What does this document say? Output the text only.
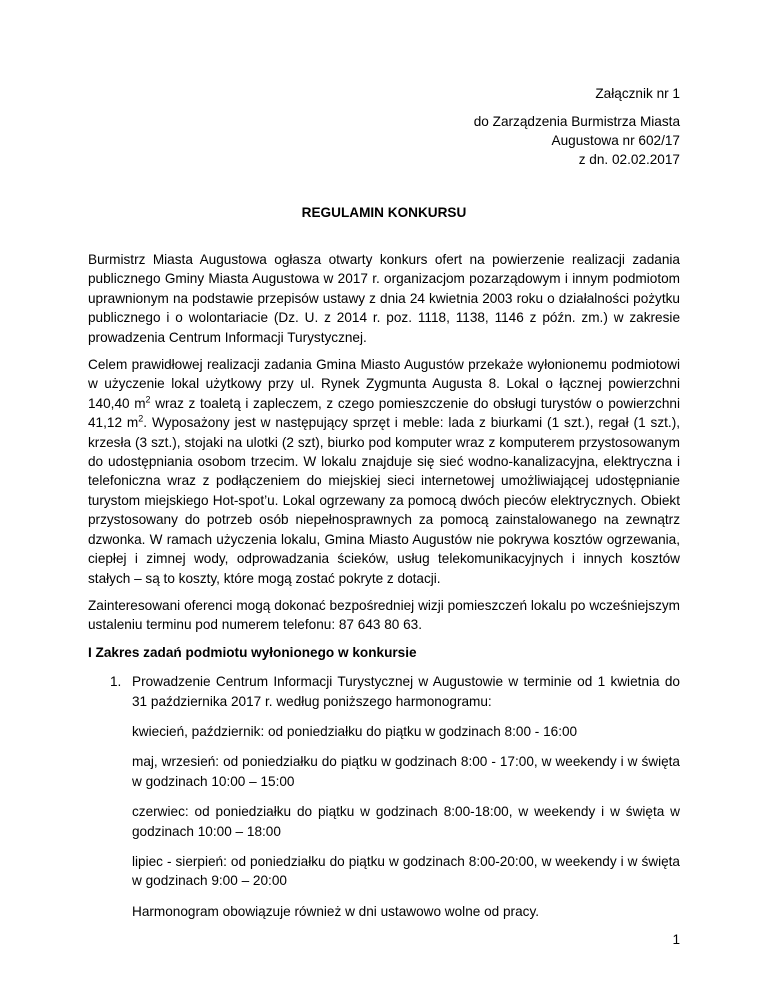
Załącznik nr 1
do Zarządzenia Burmistrza Miasta
Augustowa nr 602/17
z dn. 02.02.2017
REGULAMIN KONKURSU

Burmistrz Miasta Augustowa ogłasza otwarty konkurs ofert na powierzenie realizacji zadania publicznego Gminy Miasta Augustowa w 2017 r. organizacjom pozarządowym i innym podmiotom uprawnionym na podstawie przepisów ustawy z dnia 24 kwietnia 2003 roku o działalności pożytku publicznego i o wolontariacie (Dz. U. z 2014 r. poz. 1118, 1138, 1146 z późn. zm.) w zakresie prowadzenia Centrum Informacji Turystycznej.

Celem prawidłowej realizacji zadania Gmina Miasto Augustów przekaże wyłonionemu podmiotowi w użyczenie lokal użytkowy przy ul. Rynek Zygmunta Augusta 8. Lokal o łącznej powierzchni 140,40 $m^2$ wraz z toaletą i zapleczem, z czego pomieszczenie do obsługi turystów o powierzchni 41,12 $m^2$. Wyposażony jest w następujący sprzęt i meble: lada z biurkami (1 szt.), regał (1 szt.), krzesła (3 szt.), stojaki na ulotki (2 szt), biurko pod komputer wraz z komputerem przystosowanym do udostępniania osobom trzecim. W lokalu znajduje się sieć wodno-kanalizacyjna, elektryczna i telefoniczna wraz z podłączeniem do miejskiej sieci internetowej umożliwiającej udostępnianie turystom miejskiego Hot-spot’u. Lokal ogrzewany za pomocą dwóch pieców elektrycznych. Obiekt przystosowany do potrzeb osób niepełnosprawnych za pomocą zainstalowanego na zewnątrz dzwonka. W ramach użyczenia lokalu, Gmina Miasto Augustów nie pokrywa kosztów ogrzewania, ciepłej i zimnej wody, odprowadzania ścieków, usług telekomunikacyjnych i innych kosztów stałych – są to koszty, które mogą zostać pokryte z dotacji.

Zainteresowani oferenci mogą dokonać bezpośredniej wizji pomieszczeń lokalu po wcześniejszym ustaleniu terminu pod numerem telefonu: 87 643 80 63.

I Zakres zadań podmiotu wyłonionego w konkursie

1. Prowadzenie Centrum Informacji Turystycznej w Augustowie w terminie od 1 kwietnia do 31 października 2017 r. według poniższego harmonogramu:

kwiecień, październik: od poniedziałku do piątku w godzinach 8:00 - 16:00

maj, wrzesień: od poniedziałku do piątku w godzinach 8:00 - 17:00, w weekendy i w święta w godzinach 10:00 – 15:00

czerwiec: od poniedziałku do piątku w godzinach 8:00-18:00, w weekendy i w święta w godzinach 10:00 – 18:00

lipiec - sierpień: od poniedziałku do piątku w godzinach 8:00-20:00, w weekendy i w święta w godzinach 9:00 – 20:00

Harmonogram obowiązuje również w dni ustawowo wolne od pracy.

1
